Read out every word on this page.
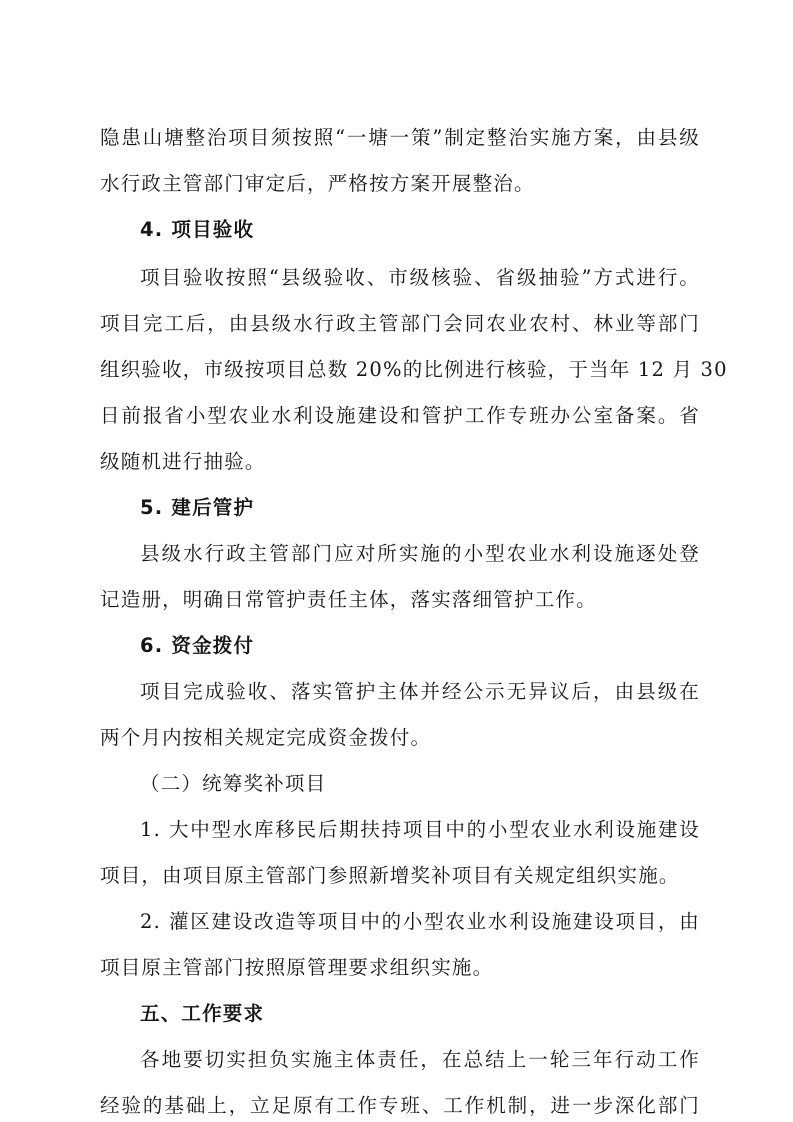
隐患山塘整治项目须按照“一塘一策”制定整治实施方案，由县级
水行政主管部门审定后，严格按方案开展整治。
4. 项目验收
项目验收按照“县级验收、市级核验、省级抽验”方式进行。
项目完工后，由县级水行政主管部门会同农业农村、林业等部门
组织验收，市级按项目总数 20%的比例进行核验，于当年 12 月 30
日前报省小型农业水利设施建设和管护工作专班办公室备案。省
级随机进行抽验。
5. 建后管护
县级水行政主管部门应对所实施的小型农业水利设施逐处登
记造册，明确日常管护责任主体，落实落细管护工作。
6. 资金拨付
项目完成验收、落实管护主体并经公示无异议后，由县级在
两个月内按相关规定完成资金拨付。
（二）统筹奖补项目
1. 大中型水库移民后期扶持项目中的小型农业水利设施建设
项目，由项目原主管部门参照新增奖补项目有关规定组织实施。
2. 灌区建设改造等项目中的小型农业水利设施建设项目，由
项目原主管部门按照原管理要求组织实施。
五、工作要求
各地要切实担负实施主体责任，在总结上一轮三年行动工作
经验的基础上，立足原有工作专班、工作机制，进一步深化部门
